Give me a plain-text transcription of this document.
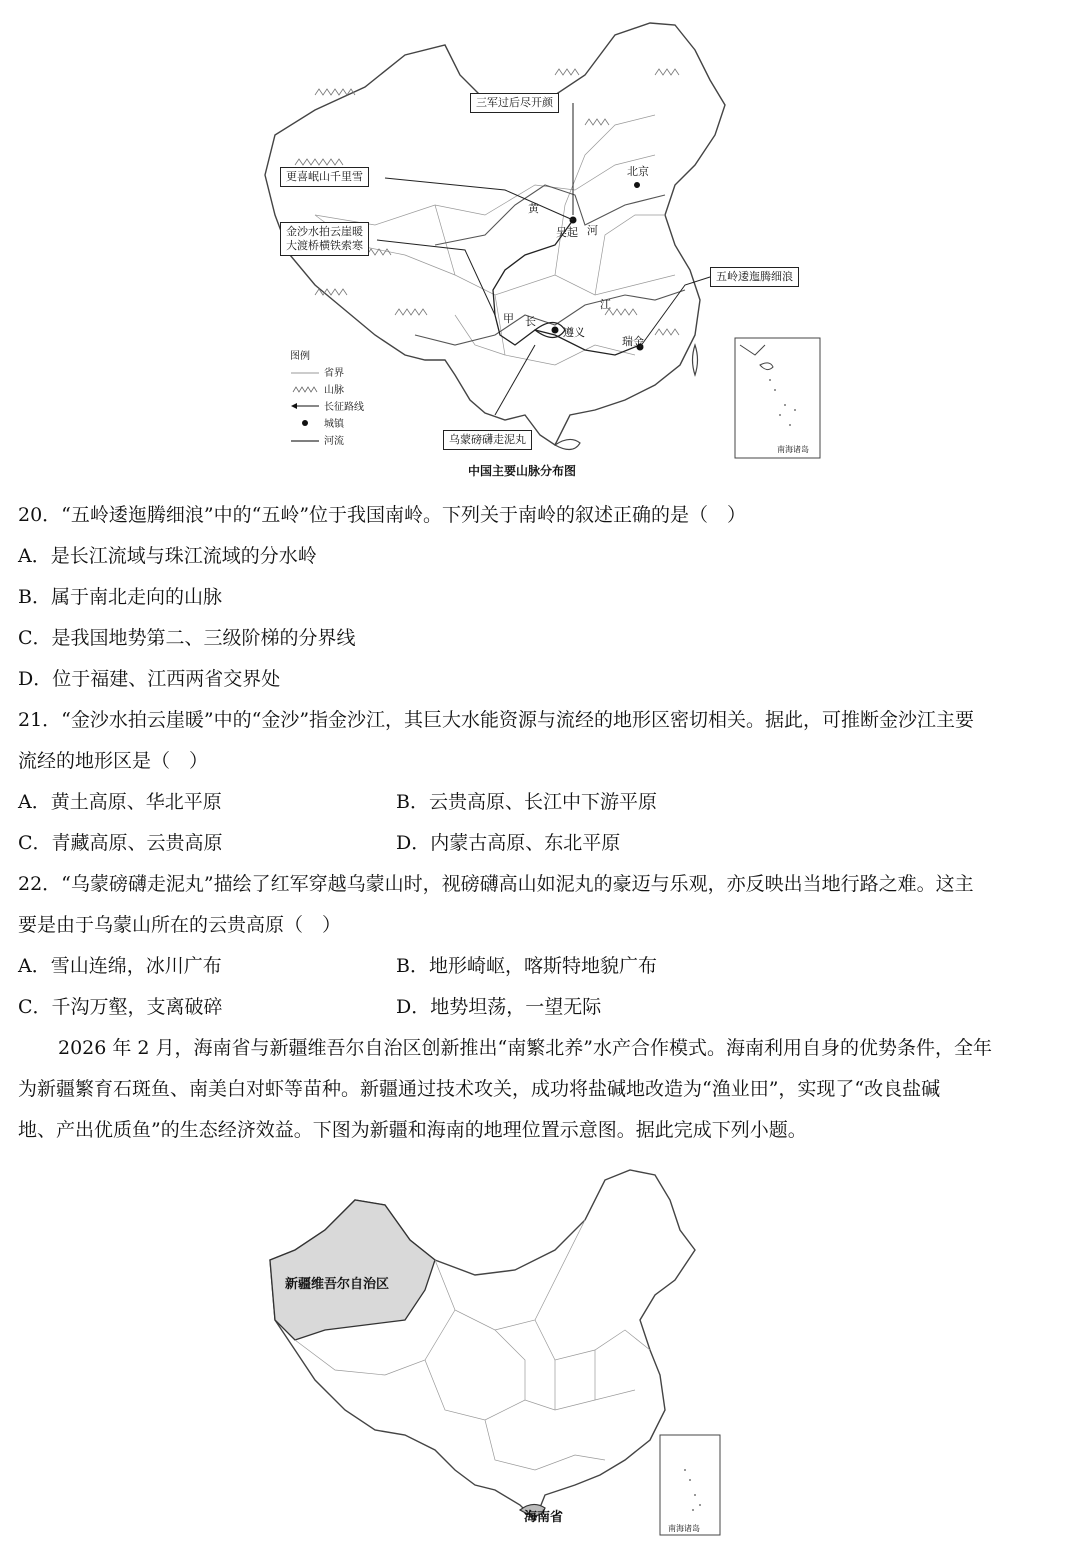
三军过后尽开颜
更喜岷山千里雪
金沙水拍云崖暖
大渡桥横铁索寒
五岭逶迤腾细浪
乌蒙磅礴走泥丸
北京
黄
河
吴起
甲 长
江
遵义
瑞金
南海诸岛
图例
省界
山脉
长征路线
城镇
河流
中国主要山脉分布图
20．“五岭逶迤腾细浪”中的“五岭”位于我国南岭。下列关于南岭的叙述正确的是（　）
A．是长江流域与珠江流域的分水岭
B．属于南北走向的山脉
C．是我国地势第二、三级阶梯的分界线
D．位于福建、江西两省交界处
21．“金沙水拍云崖暖”中的“金沙”指金沙江，其巨大水能资源与流经的地形区密切相关。据此，可推断金沙江主要
流经的地形区是（　）
A．黄土高原、华北平原	B．云贵高原、长江中下游平原
C．青藏高原、云贵高原	D．内蒙古高原、东北平原
22．“乌蒙磅礴走泥丸”描绘了红军穿越乌蒙山时，视磅礴高山如泥丸的豪迈与乐观，亦反映出当地行路之难。这主
要是由于乌蒙山所在的云贵高原（　）
A．雪山连绵，冰川广布	B．地形崎岖，喀斯特地貌广布
C．千沟万壑，支离破碎	D．地势坦荡，一望无际
2026 年 2 月，海南省与新疆维吾尔自治区创新推出“南繁北养”水产合作模式。海南利用自身的优势条件，全年
为新疆繁育石斑鱼、南美白对虾等苗种。新疆通过技术攻关，成功将盐碱地改造为“渔业田”，实现了“改良盐碱
地、产出优质鱼”的生态经济效益。下图为新疆和海南的地理位置示意图。据此完成下列小题。
新疆维吾尔自治区
海南省
南海诸岛
